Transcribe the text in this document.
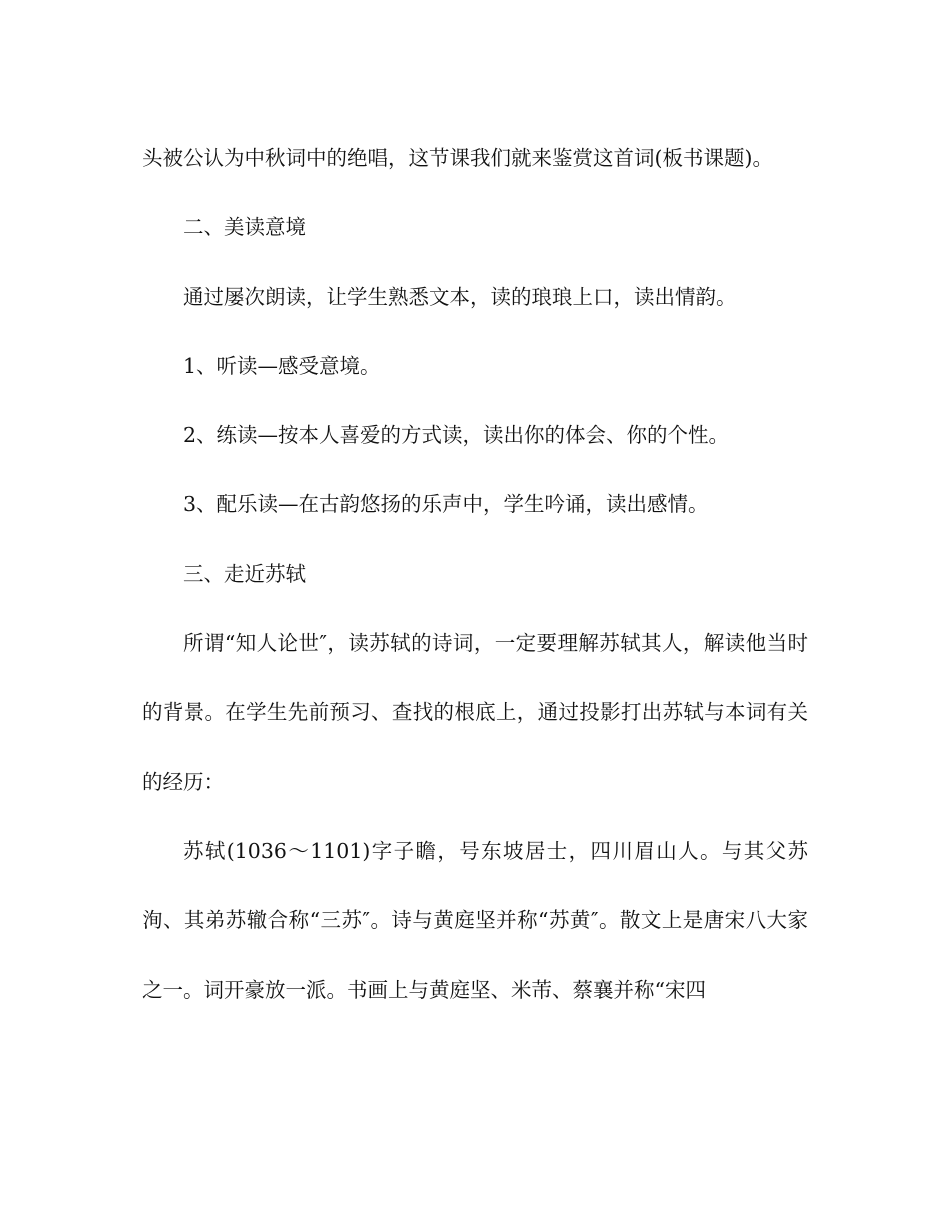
头被公认为中秋词中的绝唱，这节课我们就来鉴赏这首词(板书课题)。

二、美读意境

通过屡次朗读，让学生熟悉文本，读的琅琅上口，读出情韵。

1、听读—感受意境。

2、练读—按本人喜爱的方式读，读出你的体会、你的个性。

3、配乐读—在古韵悠扬的乐声中，学生吟诵，读出感情。

三、走近苏轼

所谓“知人论世″，读苏轼的诗词，一定要理解苏轼其人，解读他当时的背景。在学生先前预习、查找的根底上，通过投影打出苏轼与本词有关的经历：

苏轼(1036～1101)字子瞻，号东坡居士，四川眉山人。与其父苏洵、其弟苏辙合称“三苏″。诗与黄庭坚并称“苏黄″。散文上是唐宋八大家之一。词开豪放一派。书画上与黄庭坚、米芾、蔡襄并称“宋四
